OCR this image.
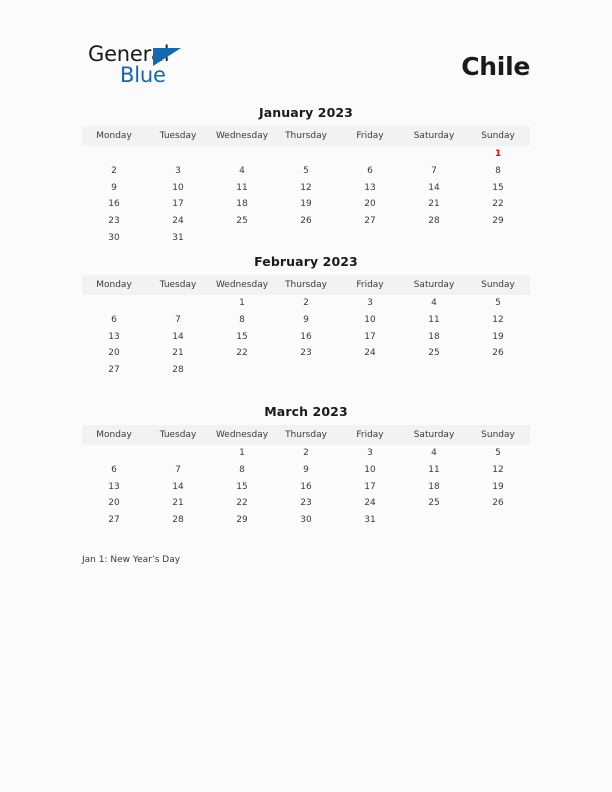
General
Blue	Chile
January 2023
Monday	Tuesday	Wednesday	Thursday	Friday	Saturday	Sunday
						1
2	3	4	5	6	7	8
9	10	11	12	13	14	15
16	17	18	19	20	21	22
23	24	25	26	27	28	29
30	31					
February 2023
Monday	Tuesday	Wednesday	Thursday	Friday	Saturday	Sunday
		1	2	3	4	5
6	7	8	9	10	11	12
13	14	15	16	17	18	19
20	21	22	23	24	25	26
27	28					
March 2023
Monday	Tuesday	Wednesday	Thursday	Friday	Saturday	Sunday
		1	2	3	4	5
6	7	8	9	10	11	12
13	14	15	16	17	18	19
20	21	22	23	24	25	26
27	28	29	30	31		
Jan 1: New Year’s Day
